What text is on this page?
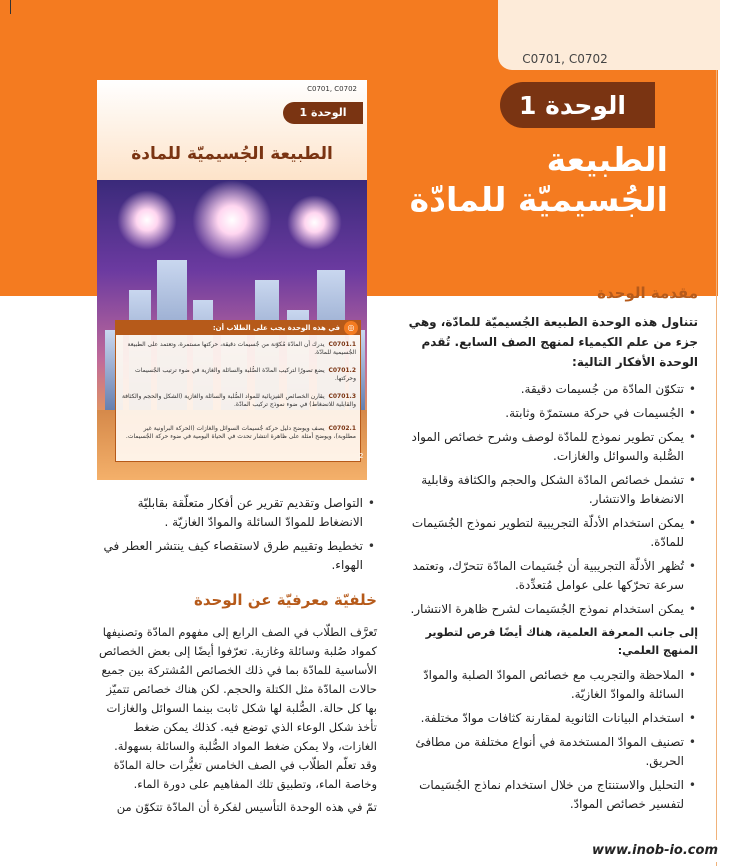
C0701, C0702
الوحدة 1
الطبيعة الجُسيميّة للمادّة
C0701, C0702
الوحدة 1
الطبيعة الجُسيميّة للمادة
في هذه الوحدة يجب على الطلاب أن: ◎
C0701.1  يدرك أن المادّة مُكوّنة من جُسيمات دقيقة، حركتها مستمرة، وتعتمد على الطبيعة الجُسيمية للمادّة.
C0701.2  يضع تصورًا لتركيب المادّة الصُّلبة والسائلة والغازية في ضوء ترتيب الجُسيمات وحركتها.
C0701.3  يقارن الخصائص الفيزيائية للمواد الصُّلبة والسائلة والغازية (الشكل والحجم والكثافة والقابلية للانضغاط) في ضوء نموذج تركيب المادّة.
C0702.1  يصف ويوضح دليل حركة جُسيمات السوائل والغازات (الحركة البراونية غير مطلوبة)، ويوضح أمثلة على ظاهرة انتشار تحدث في الحياة اليومية في ضوء حركة الجُسيمات.
2
مقدمة الوحدة
تتناول هذه الوحدة الطبيعة الجُسيميّة للمادّة، وهي جزء من علم الكيمياء لمنهج الصف السابع. تُقدم الوحدة الأفكار التالية:
• تتكوّن المادّة من جُسيمات دقيقة.
• الجُسيمات في حركة مستمرّة وثابتة.
• يمكن تطوير نموذج للمادّة لوصف وشرح خصائص المواد الصُّلبة والسوائل والغازات.
• تشمل خصائص المادّة الشكل والحجم والكثافة وقابلية الانضغاط والانتشار.
• يمكن استخدام الأدلّة التجريبية لتطوير نموذج الجُسَيمات للمادّة.
• تُظهر الأدلّة التجريبية أن جُسَيمات المادّة تتحرّك، وتعتمد سرعة تحرّكها على عوامل مُتعدِّدة.
• يمكن استخدام نموذج الجُسَيمات لشرح ظاهرة الانتشار.
إلى جانب المعرفة العلمية، هناك أيضًا فرص لتطوير المنهج العلمي:
• الملاحظة والتجريب مع خصائص الموادّ الصلبة والموادّ السائلة والموادّ الغازيّة.
• استخدام البيانات الثانوية لمقارنة كثافات موادّ مختلفة.
• تصنيف الموادّ المستخدمة في أنواع مختلفة من مطافئ الحريق.
• التحليل والاستنتاج من خلال استخدام نماذج الجُسَيمات لتفسير خصائص الموادّ.
• التواصل وتقديم تقرير عن أفكار متعلّقة بقابليّة الانضغاط للموادّ السائلة والموادّ الغازيّة .
• تخطيط وتقييم طرق لاستقصاء كيف ينتشر العطر في الهواء.
خلفيّة معرفيّة عن الوحدة
تَعرَّف الطلّاب في الصف الرابع إلى مفهوم المادّة وتصنيفها كمواد صُلبة وسائلة وغازية. تعرّفوا أيضًا إلى بعض الخصائص الأساسية للمادّة بما في ذلك الخصائص المُشتركة بين جميع حالات المادّة مثل الكتلة والحجم. لكن هناك خصائص تتميّز بها كل حالة. الصُّلبة لها شكل ثابت بينما السوائل والغازات تأخذ شكل الوعاء الذي توضع فيه. كذلك يمكن ضغط الغازات، ولا يمكن ضغط المواد الصُّلبة والسائلة بسهولة. وقد تعلّم الطلّاب في الصف الخامس تغيُّرات حالة المادّة وخاصة الماء، وتطبيق تلك المفاهيم على دورة الماء.
تمّ في هذه الوحدة التأسيس لفكرة أن المادّة تتكوّن من
www.inob-io.com
